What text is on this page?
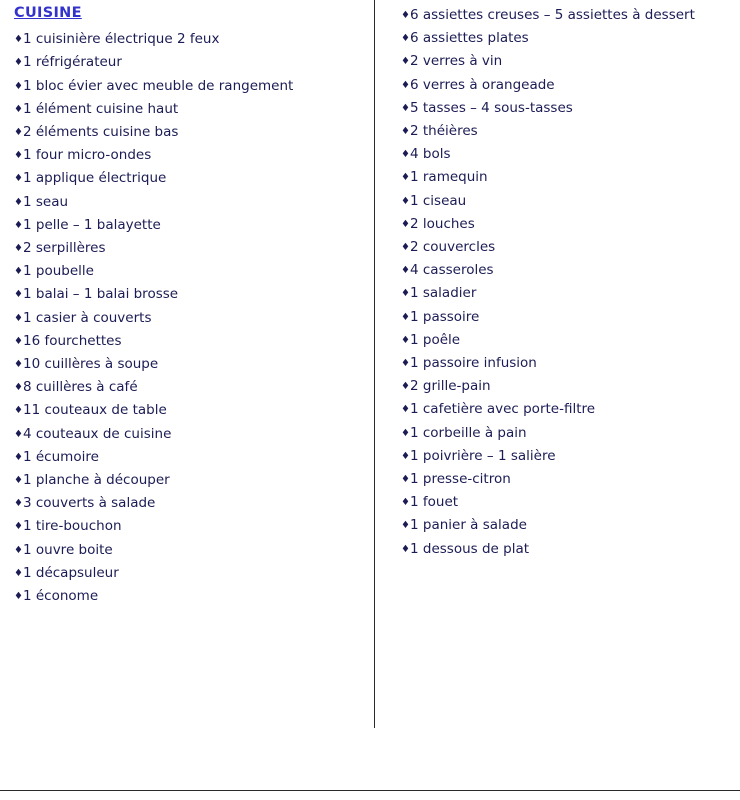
CUISINE
♦1 cuisinière électrique 2 feux
♦1 réfrigérateur
♦1 bloc évier avec meuble de rangement
♦1 élément cuisine haut
♦2 éléments cuisine bas
♦1 four micro-ondes
♦1 applique électrique
♦1 seau
♦1 pelle – 1 balayette
♦2 serpillères
♦1 poubelle
♦1 balai – 1 balai brosse
♦1 casier à couverts
♦16 fourchettes
♦10 cuillères à soupe
♦8 cuillères à café
♦11 couteaux de table
♦4 couteaux de cuisine
♦1 écumoire
♦1 planche à découper
♦3 couverts à salade
♦1 tire-bouchon
♦1 ouvre boite
♦1 décapsuleur
♦1 économe
♦6 assiettes creuses – 5 assiettes à dessert
♦6 assiettes plates
♦2 verres à vin
♦6 verres à orangeade
♦5 tasses – 4 sous-tasses
♦2 théières
♦4 bols
♦1 ramequin
♦1 ciseau
♦2 louches
♦2 couvercles
♦4 casseroles
♦1 saladier
♦1 passoire
♦1 poêle
♦1 passoire infusion
♦2 grille-pain
♦1 cafetière avec porte-filtre
♦1 corbeille à pain
♦1 poivrière – 1 salière
♦1 presse-citron
♦1 fouet
♦1 panier à salade
♦1 dessous de plat
